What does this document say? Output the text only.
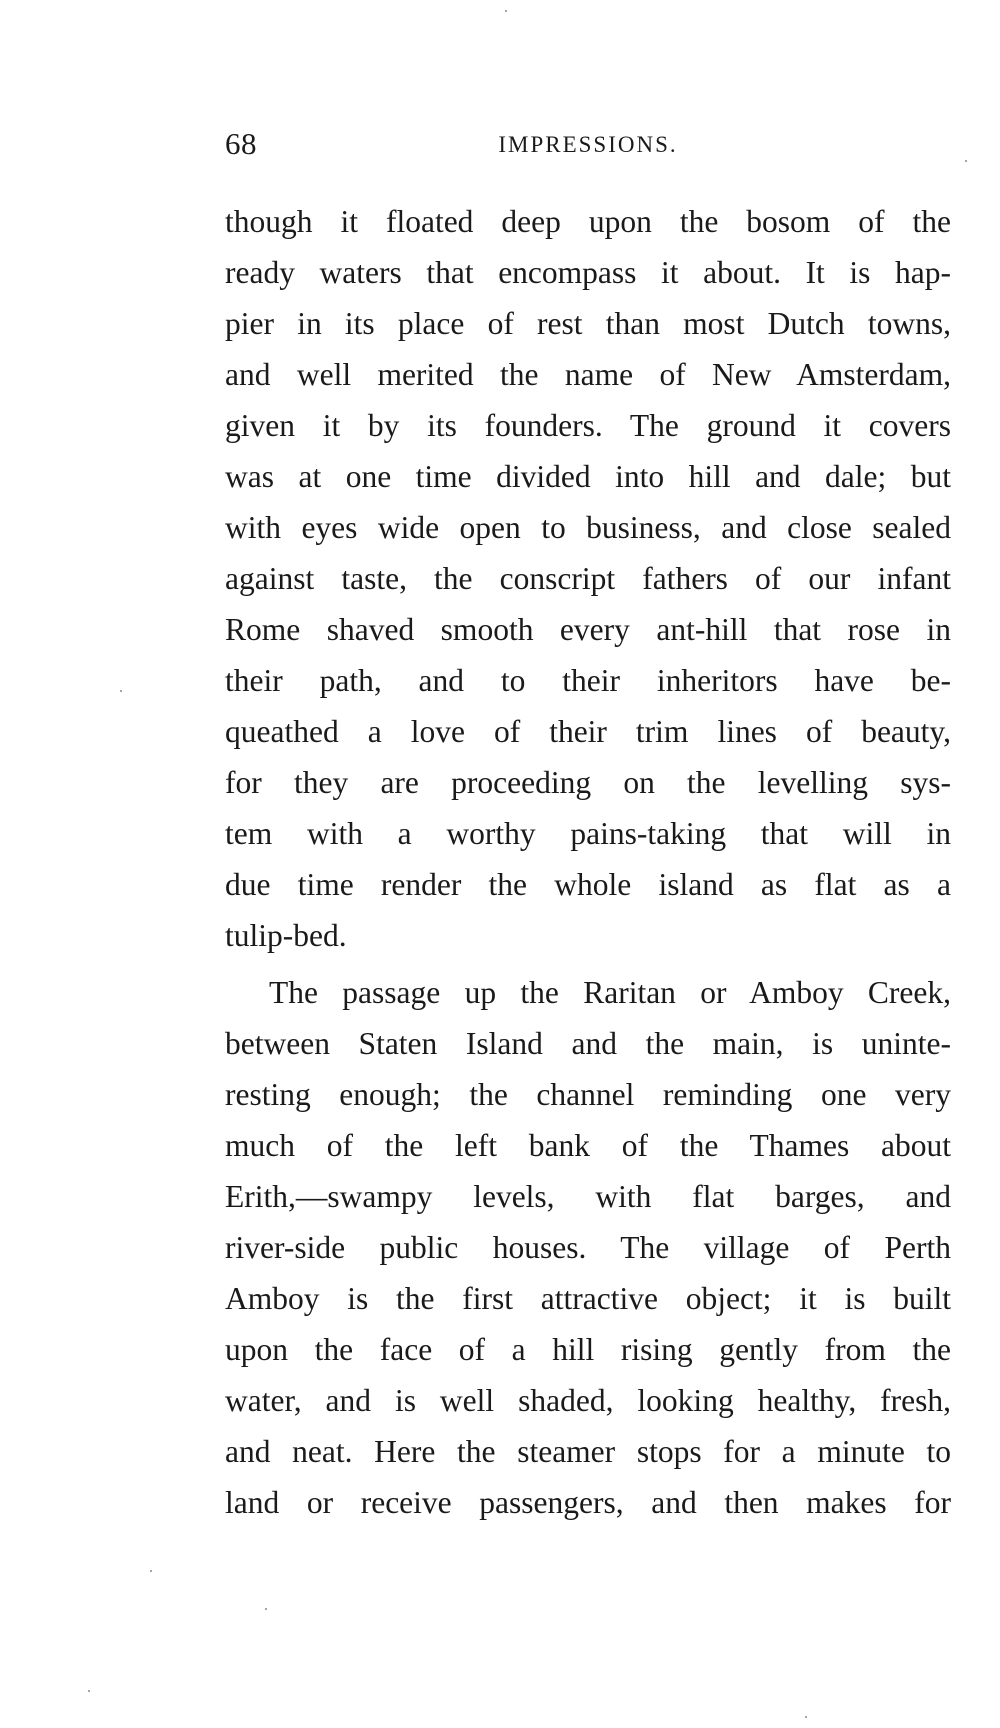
68	IMPRESSIONS.
though it floated deep upon the bosom of the
ready waters that encompass it about. It is hap-
pier in its place of rest than most Dutch towns,
and well merited the name of New Amsterdam,
given it by its founders. The ground it covers
was at one time divided into hill and dale; but
with eyes wide open to business, and close sealed
against taste, the conscript fathers of our infant
Rome shaved smooth every ant-hill that rose in
their path, and to their inheritors have be-
queathed a love of their trim lines of beauty,
for they are proceeding on the levelling sys-
tem with a worthy pains-taking that will in
due time render the whole island as flat as a
tulip-bed.
The passage up the Raritan or Amboy Creek,
between Staten Island and the main, is uninte-
resting enough; the channel reminding one very
much of the left bank of the Thames about
Erith,—swampy levels, with flat barges, and
river-side public houses. The village of Perth
Amboy is the first attractive object; it is built
upon the face of a hill rising gently from the
water, and is well shaded, looking healthy, fresh,
and neat. Here the steamer stops for a minute to
land or receive passengers, and then makes for
